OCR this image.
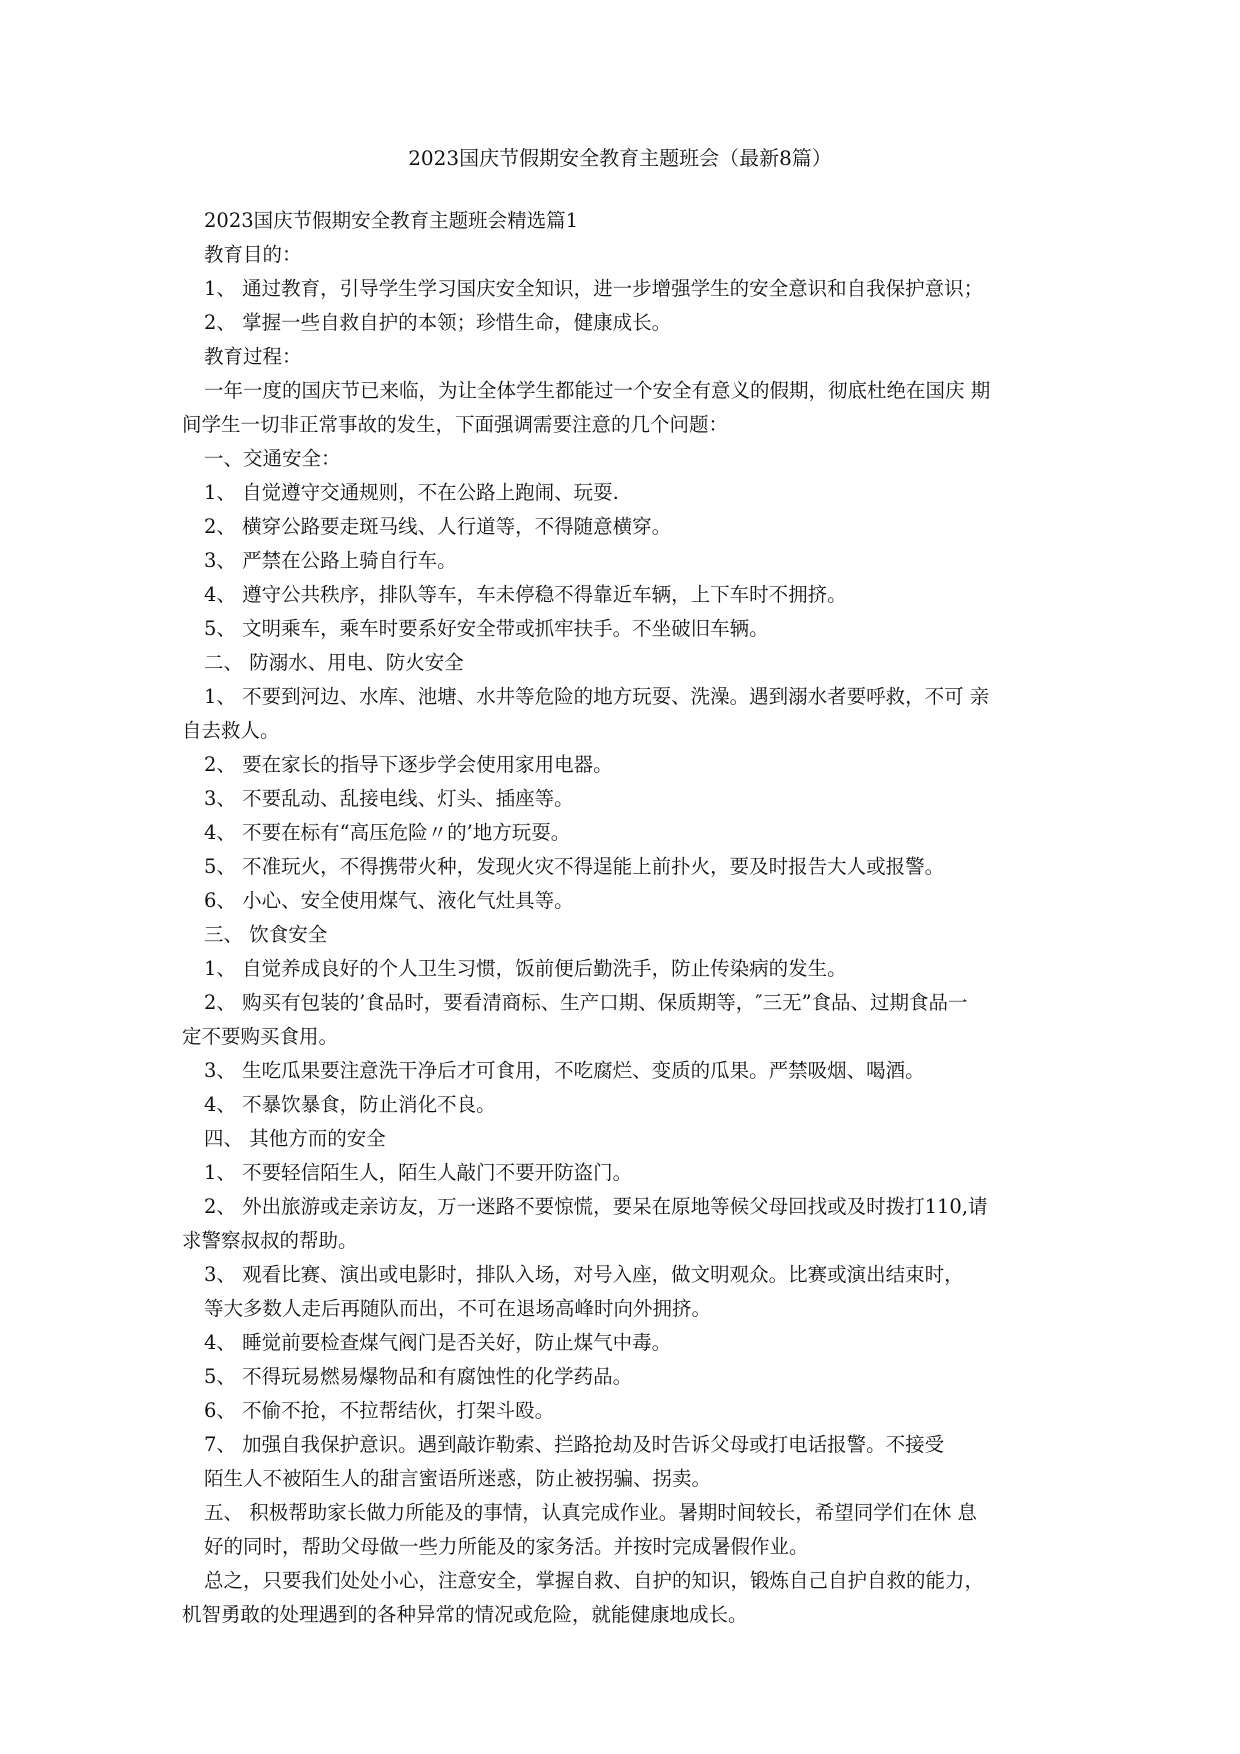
2023国庆节假期安全教育主题班会（最新8篇）
2023国庆节假期安全教育主题班会精选篇1
教育目的：
1、 通过教育，引导学生学习国庆安全知识，进一步增强学生的安全意识和自我保护意识；
2、 掌握一些自救自护的本领；珍惜生命，健康成长。
教育过程：
一年一度的国庆节已来临，为让全体学生都能过一个安全有意义的假期，彻底杜绝在国庆 期
间学生一切非正常事故的发生，下面强调需要注意的几个问题：
一、交通安全：
1、 自觉遵守交通规则，不在公路上跑闹、玩耍.
2、 横穿公路要走斑马线、人行道等，不得随意横穿。
3、 严禁在公路上骑自行车。
4、 遵守公共秩序，排队等车，车未停稳不得靠近车辆，上下车时不拥挤。
5、 文明乘车，乘车时要系好安全带或抓牢扶手。不坐破旧车辆。
二、 防溺水、用电、防火安全
1、 不要到河边、水库、池塘、水井等危险的地方玩耍、洗澡。遇到溺水者要呼救，不可 亲
自去救人。
2、 要在家长的指导下逐步学会使用家用电器。
3、 不要乱动、乱接电线、灯头、插座等。
4、 不要在标有“高压危险〃的’地方玩耍。
5、 不准玩火，不得携带火种，发现火灾不得逞能上前扑火，要及时报告大人或报警。
6、 小心、安全使用煤气、液化气灶具等。
三、 饮食安全
1、 自觉养成良好的个人卫生习惯，饭前便后勤洗手，防止传染病的发生。
2、 购买有包装的’食品时，要看清商标、生产口期、保质期等，″三无”食品、过期食品一
定不要购买食用。
3、 生吃瓜果要注意洗干净后才可食用，不吃腐烂、变质的瓜果。严禁吸烟、喝酒。
4、 不暴饮暴食，防止消化不良。
四、 其他方而的安全
1、 不要轻信陌生人，陌生人敲门不要开防盗门。
2、 外出旅游或走亲访友，万一迷路不要惊慌，要呆在原地等候父母回找或及时拨打110,请
求警察叔叔的帮助。
3、 观看比赛、演出或电影时，排队入场，对号入座，做文明观众。比赛或演出结束时，
等大多数人走后再随队而出，不可在退场高峰时向外拥挤。
4、 睡觉前要检查煤气阀门是否关好，防止煤气中毒。
5、 不得玩易燃易爆物品和有腐蚀性的化学药品。
6、 不偷不抢，不拉帮结伙，打架斗殴。
7、 加强自我保护意识。遇到敲诈勒索、拦路抢劫及时告诉父母或打电话报警。不接受
陌生人不被陌生人的甜言蜜语所迷惑，防止被拐骗、拐卖。
五、 积极帮助家长做力所能及的事情，认真完成作业。暑期时间较长，希望同学们在休 息
好的同时，帮助父母做一些力所能及的家务活。并按时完成暑假作业。
总之，只要我们处处小心，注意安全，掌握自救、自护的知识，锻炼自己自护自救的能力，
机智勇敢的处理遇到的各种异常的情况或危险，就能健康地成长。
